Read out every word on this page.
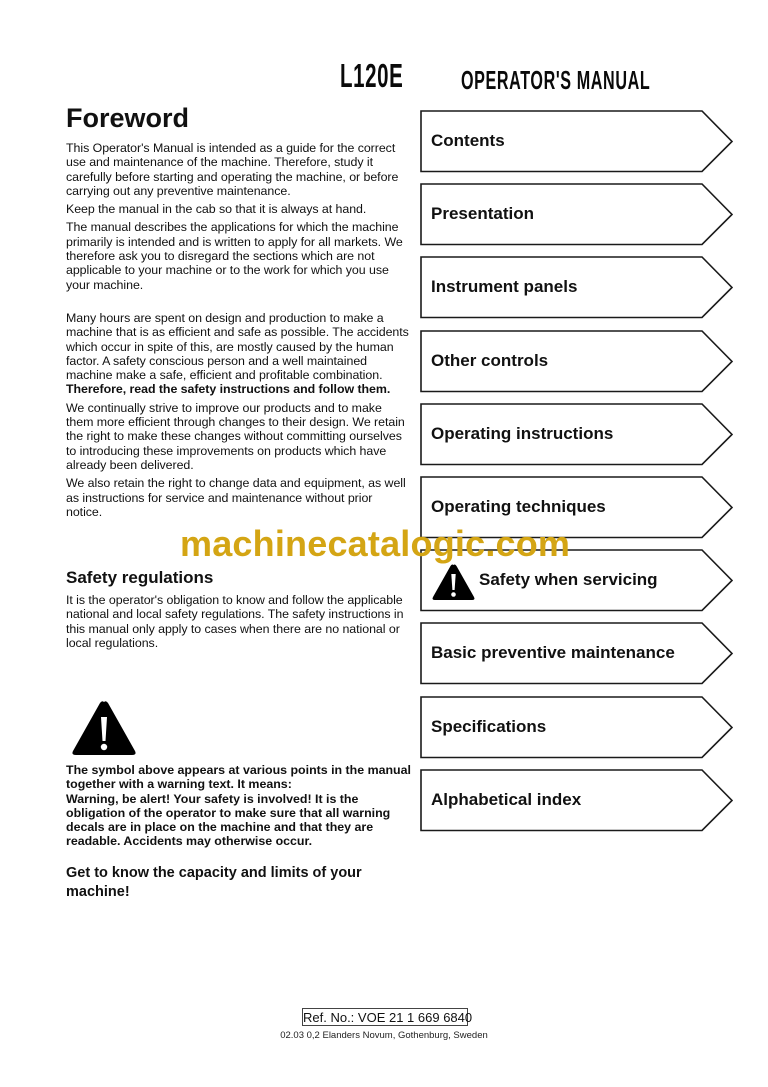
L120E OPERATOR'S MANUAL
Foreword

This Operator's Manual is intended as a guide for the correct use and maintenance of the machine. Therefore, study it carefully before starting and operating the machine, or before carrying out any preventive maintenance.

Keep the manual in the cab so that it is always at hand.

The manual describes the applications for which the machine primarily is intended and is written to apply for all markets. We therefore ask you to disregard the sections which are not applicable to your machine or to the work for which you use your machine.

Many hours are spent on design and production to make a machine that is as efficient and safe as possible. The accidents which occur in spite of this, are mostly caused by the human factor. A safety conscious person and a well maintained machine make a safe, efficient and profitable combination. Therefore, read the safety instructions and follow them.

We continually strive to improve our products and to make them more efficient through changes to their design. We retain the right to make these changes without committing ourselves to introducing these improvements on products which have already been delivered.

We also retain the right to change data and equipment, as well as instructions for service and maintenance without prior notice.

Safety regulations

It is the operator's obligation to know and follow the applicable national and local safety regulations. The safety instructions in this manual only apply to cases when there are no national or local regulations.

The symbol above appears at various points in the manual together with a warning text. It means:

Warning, be alert! Your safety is involved! It is the obligation of the operator to make sure that all warning decals are in place on the machine and that they are readable. Accidents may otherwise occur.

Get to know the capacity and limits of your machine!
machinecatalogic.com
Contents
Presentation
Instrument panels
Other controls
Operating instructions
Operating techniques
Safety when servicing
Basic preventive maintenance
Specifications
Alphabetical index
Ref. No.: VOE 21 1 669 6840
02.03 0,2 Elanders Novum, Gothenburg, Sweden
